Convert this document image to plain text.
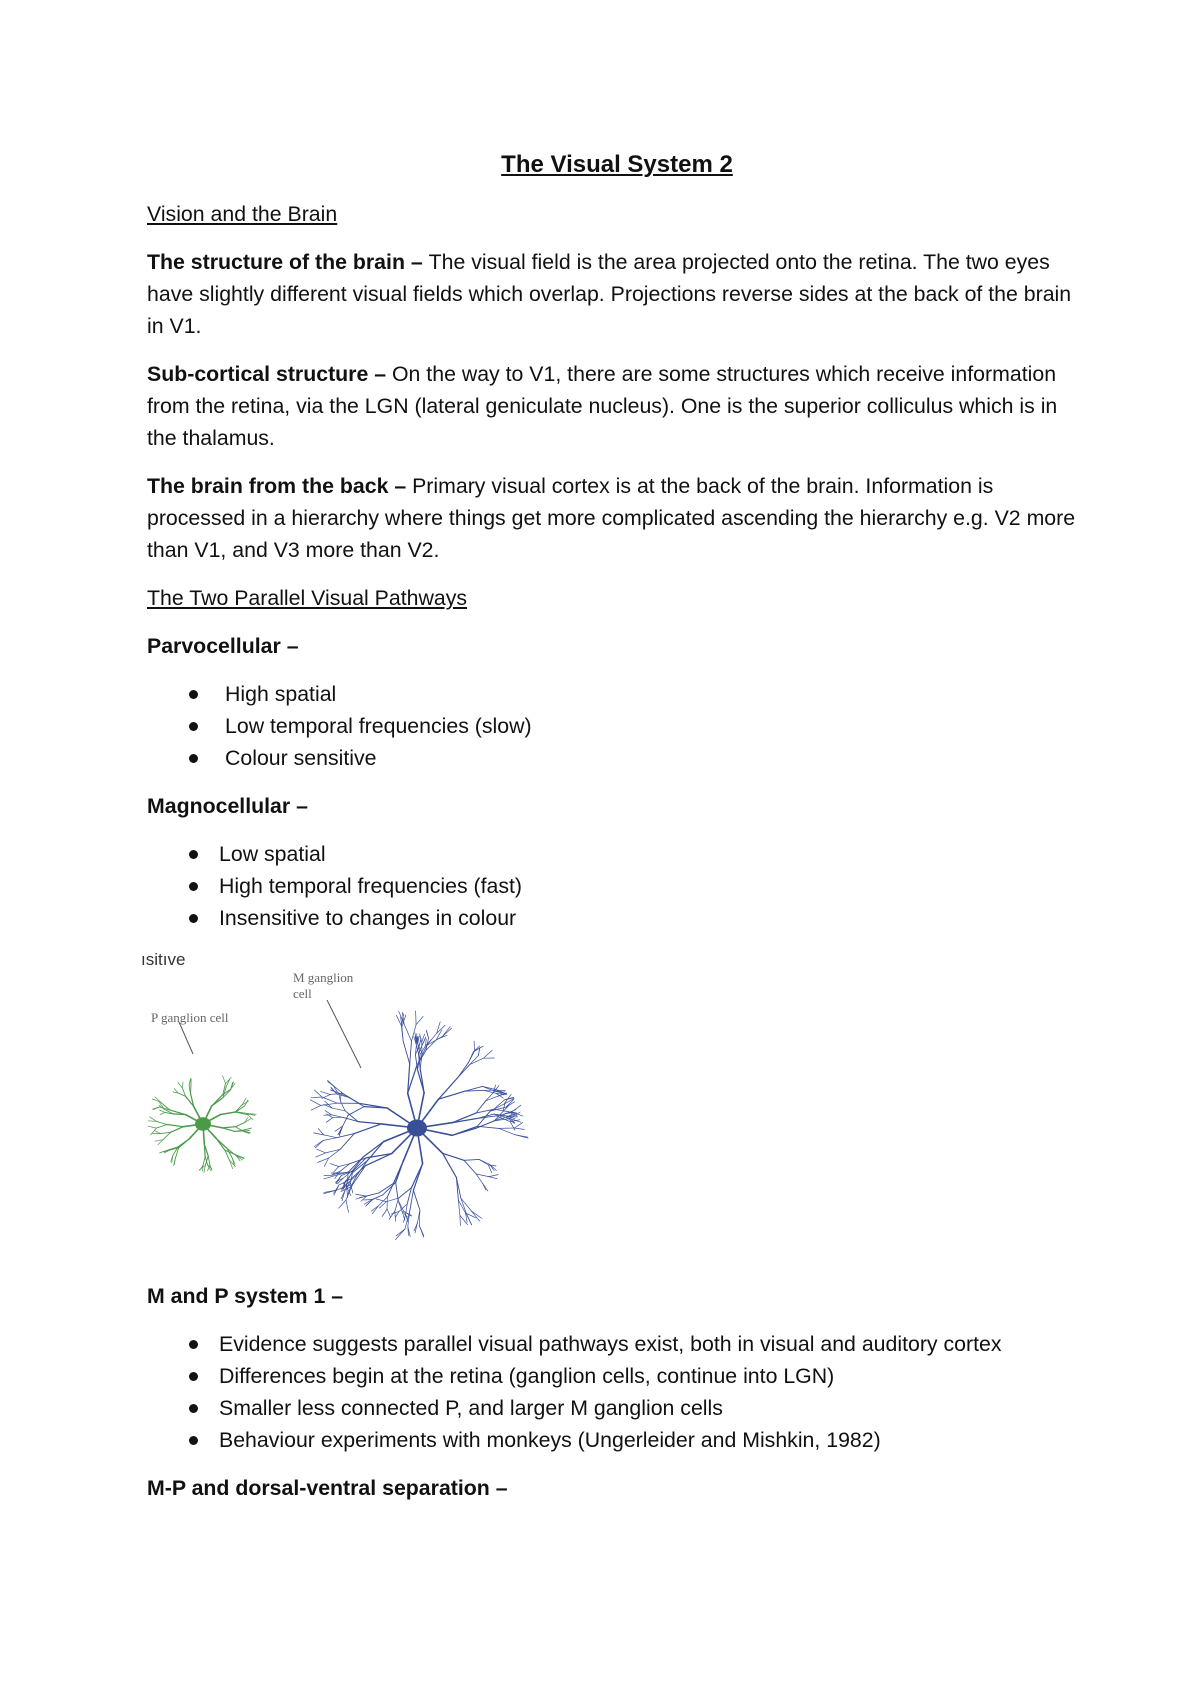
The Visual System 2

Vision and the Brain

The structure of the brain – The visual field is the area projected onto the retina. The two eyes have slightly different visual fields which overlap. Projections reverse sides at the back of the brain in V1.

Sub-cortical structure – On the way to V1, there are some structures which receive information from the retina, via the LGN (lateral geniculate nucleus). One is the superior colliculus which is in the thalamus.

The brain from the back – Primary visual cortex is at the back of the brain. Information is processed in a hierarchy where things get more complicated ascending the hierarchy e.g. V2 more than V1, and V3 more than V2.

The Two Parallel Visual Pathways

Parvocellular –

High spatial
Low temporal frequencies (slow)
Colour sensitive

Magnocellular –

Low spatial
High temporal frequencies (fast)
Insensitive to changes in colour
ısitıve
P ganglion cell
M ganglion cell

M and P system 1 –

Evidence suggests parallel visual pathways exist, both in visual and auditory cortex
Differences begin at the retina (ganglion cells, continue into LGN)
Smaller less connected P, and larger M ganglion cells
Behaviour experiments with monkeys (Ungerleider and Mishkin, 1982)

M-P and dorsal-ventral separation –
